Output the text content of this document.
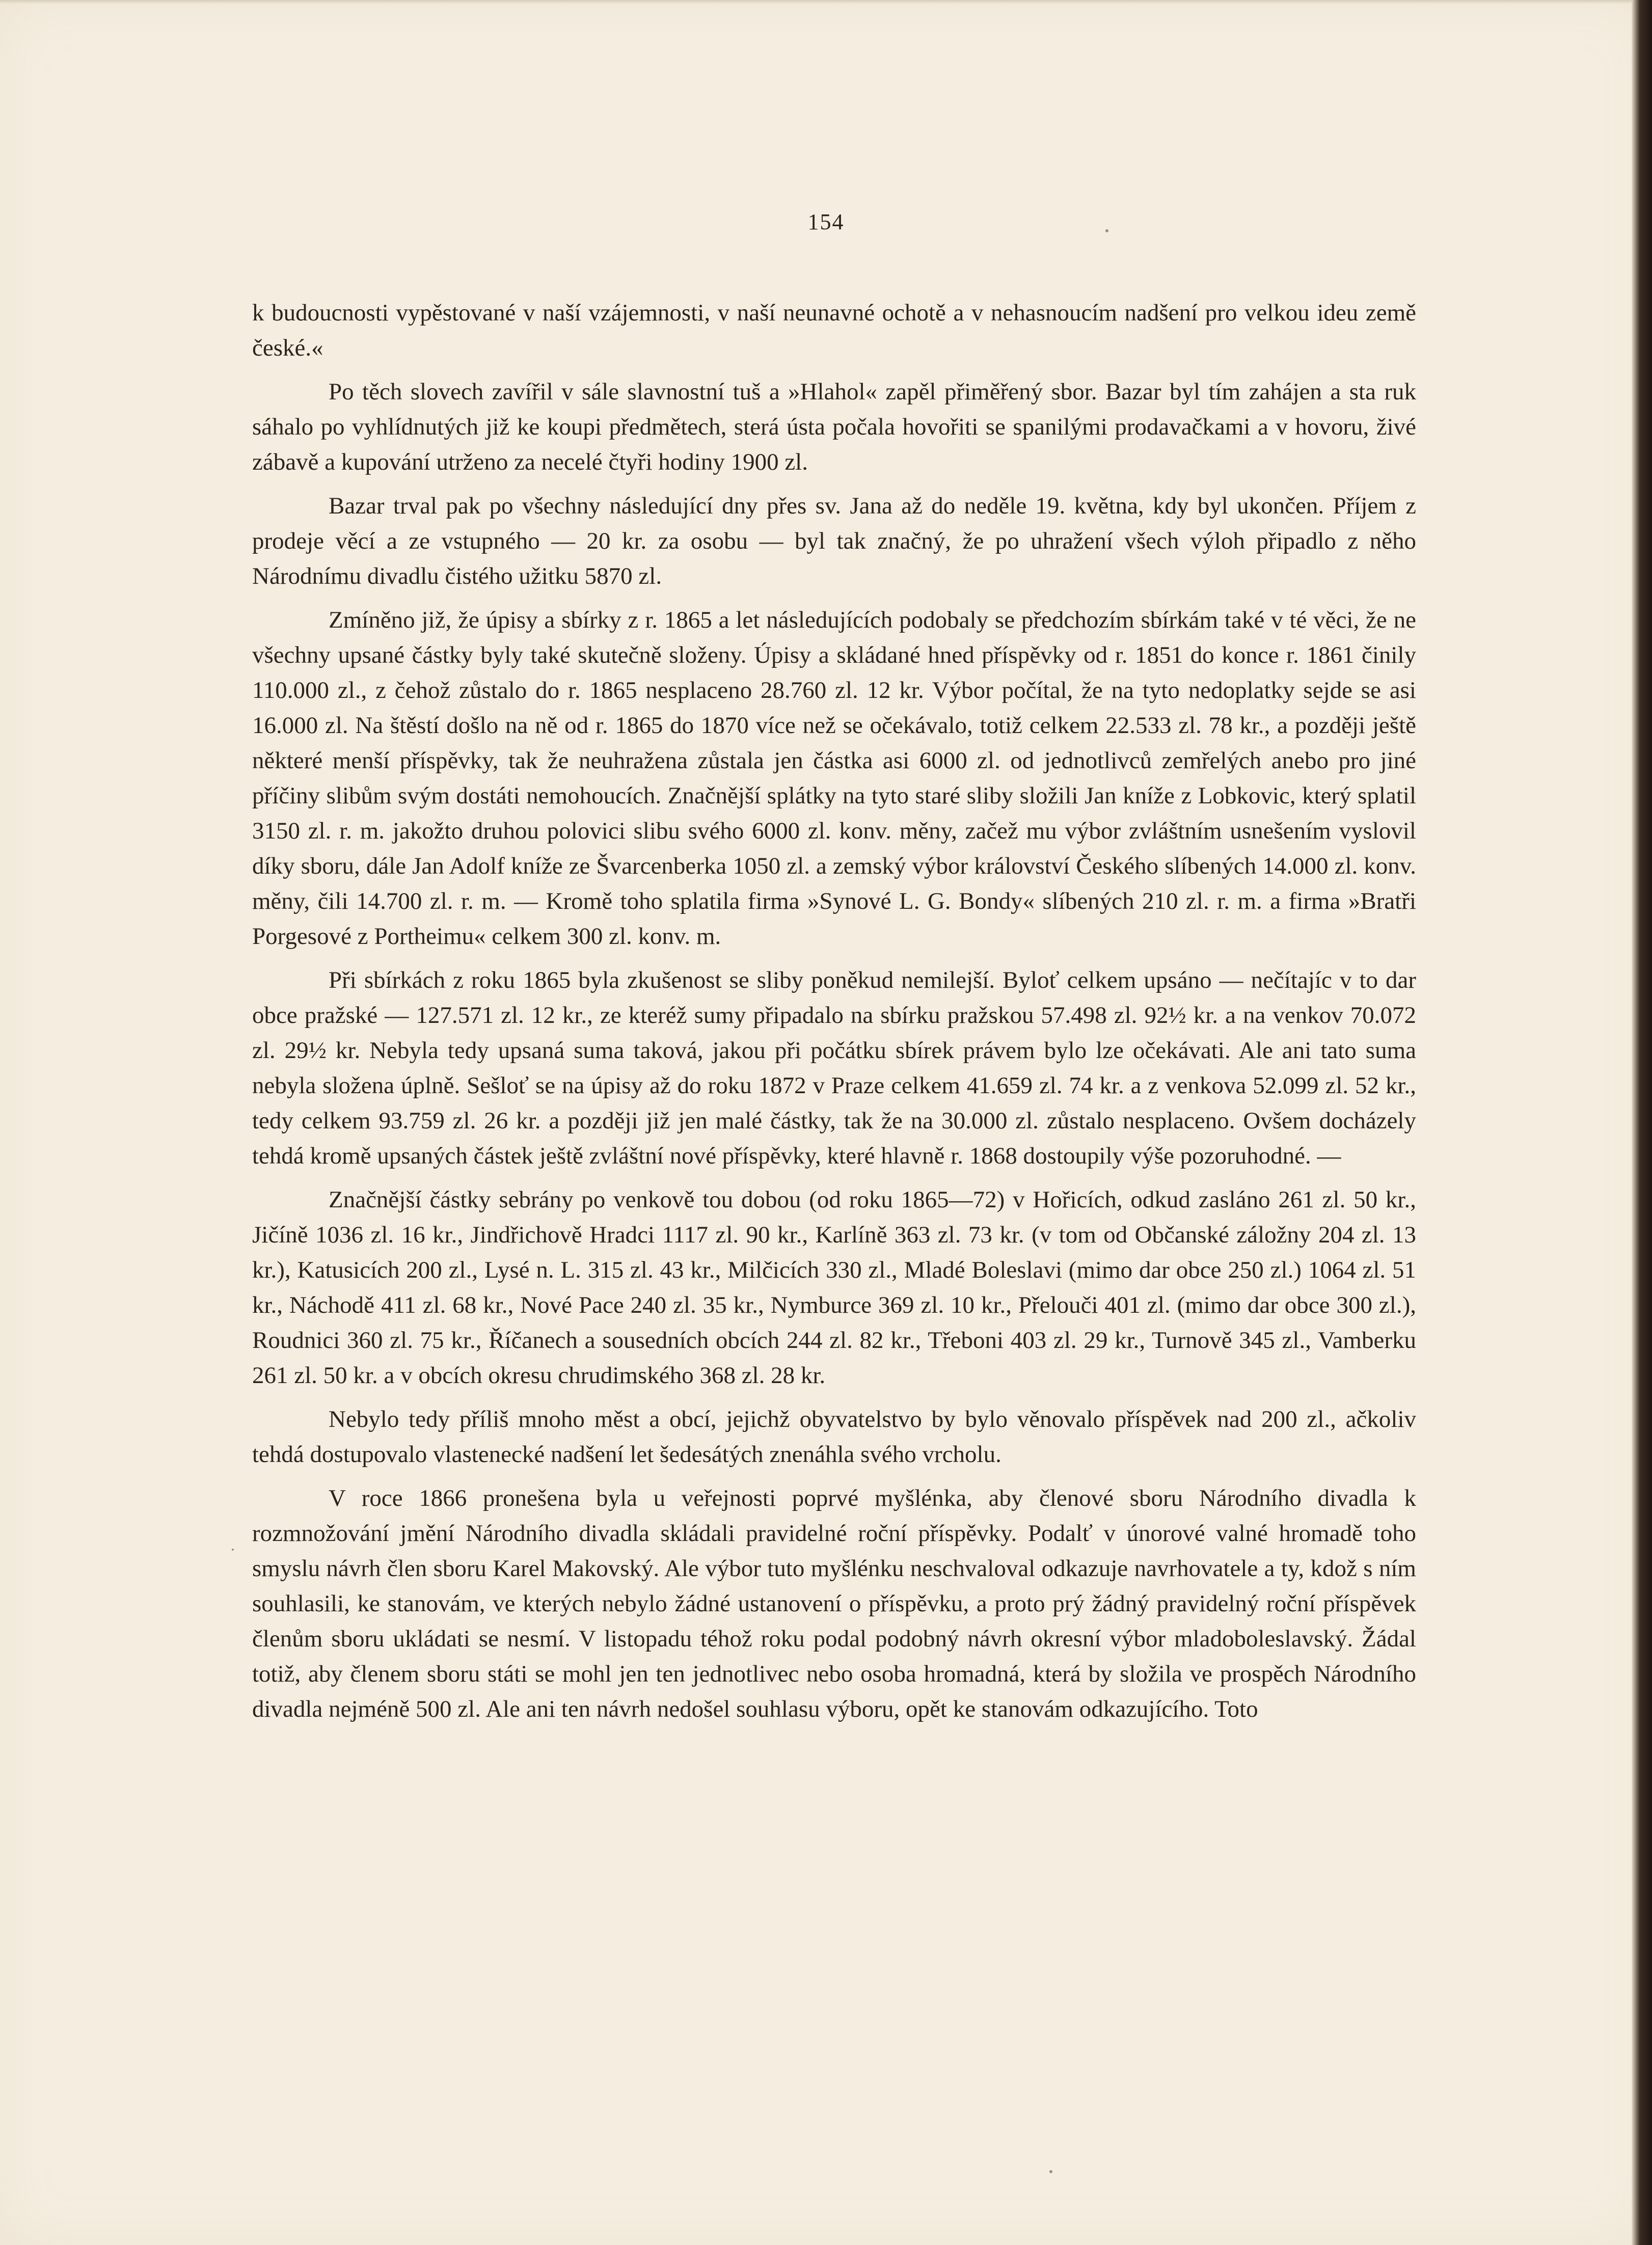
154

k budoucnosti vypěstované v naší vzájemnosti, v naší neunavné ochotě a v nehasnoucím nadšení pro velkou ideu země české.«

Po těch slovech zavířil v sále slavnostní tuš a »Hlahol« zapěl přiměřený sbor. Bazar byl tím zahájen a sta ruk sáhalo po vyhlídnutých již ke koupi předmětech, sterá ústa počala hovořiti se spanilými prodavačkami a v hovoru, živé zábavě a kupování utrženo za necelé čtyři hodiny 1900 zl.

Bazar trval pak po všechny následující dny přes sv. Jana až do neděle 19. května, kdy byl ukončen. Příjem z prodeje věcí a ze vstupného — 20 kr. za osobu — byl tak značný, že po uhražení všech výloh připadlo z něho Národnímu divadlu čistého užitku 5870 zl.

Zmíněno již, že úpisy a sbírky z r. 1865 a let následujících podobaly se předchozím sbírkám také v té věci, že ne všechny upsané částky byly také skutečně složeny. Úpisy a skládané hned příspěvky od r. 1851 do konce r. 1861 činily 110.000 zl., z čehož zůstalo do r. 1865 nesplaceno 28.760 zl. 12 kr. Výbor počítal, že na tyto nedoplatky sejde se asi 16.000 zl. Na štěstí došlo na ně od r. 1865 do 1870 více než se očekávalo, totiž celkem 22.533 zl. 78 kr., a později ještě některé menší příspěvky, tak že neuhražena zůstala jen částka asi 6000 zl. od jednotlivců zemřelých anebo pro jiné příčiny slibům svým dostáti nemohoucích. Značnější splátky na tyto staré sliby složili Jan kníže z Lobkovic, který splatil 3150 zl. r. m. jakožto druhou polovici slibu svého 6000 zl. konv. měny, začež mu výbor zvláštním usnešením vyslovil díky sboru, dále Jan Adolf kníže ze Švarcenberka 1050 zl. a zemský výbor království Českého slíbených 14.000 zl. konv. měny, čili 14.700 zl. r. m. — Kromě toho splatila firma »Synové L. G. Bondy« slíbených 210 zl. r. m. a firma »Bratři Porgesové z Portheimu« celkem 300 zl. konv. m.

Při sbírkách z roku 1865 byla zkušenost se sliby poněkud nemilejší. Byloť celkem upsáno — nečítajíc v to dar obce pražské — 127.571 zl. 12 kr., ze kteréž sumy připadalo na sbírku pražskou 57.498 zl. 92½ kr. a na venkov 70.072 zl. 29½ kr. Nebyla tedy upsaná suma taková, jakou při počátku sbírek právem bylo lze očekávati. Ale ani tato suma nebyla složena úplně. Sešloť se na úpisy až do roku 1872 v Praze celkem 41.659 zl. 74 kr. a z venkova 52.099 zl. 52 kr., tedy celkem 93.759 zl. 26 kr. a později již jen malé částky, tak že na 30.000 zl. zůstalo nesplaceno. Ovšem docházely tehdá kromě upsaných částek ještě zvláštní nové příspěvky, které hlavně r. 1868 dostoupily výše pozoruhodné. —

Značnější částky sebrány po venkově tou dobou (od roku 1865—72) v Hořicích, odkud zasláno 261 zl. 50 kr., Jičíně 1036 zl. 16 kr., Jindřichově Hradci 1117 zl. 90 kr., Karlíně 363 zl. 73 kr. (v tom od Občanské záložny 204 zl. 13 kr.), Katusicích 200 zl., Lysé n. L. 315 zl. 43 kr., Milčicích 330 zl., Mladé Boleslavi (mimo dar obce 250 zl.) 1064 zl. 51 kr., Náchodě 411 zl. 68 kr., Nové Pace 240 zl. 35 kr., Nymburce 369 zl. 10 kr., Přelouči 401 zl. (mimo dar obce 300 zl.), Roudnici 360 zl. 75 kr., Říčanech a sousedních obcích 244 zl. 82 kr., Třeboni 403 zl. 29 kr., Turnově 345 zl., Vamberku 261 zl. 50 kr. a v obcích okresu chrudimského 368 zl. 28 kr.

Nebylo tedy příliš mnoho měst a obcí, jejichž obyvatelstvo by bylo věnovalo příspěvek nad 200 zl., ačkoliv tehdá dostupovalo vlastenecké nadšení let šedesátých znenáhla svého vrcholu.

V roce 1866 pronešena byla u veřejnosti poprvé myšlénka, aby členové sboru Národního divadla k rozmnožování jmění Národního divadla skládali pravidelné roční příspěvky. Podalť v únorové valné hromadě toho smyslu návrh člen sboru Karel Makovský. Ale výbor tuto myšlénku neschvaloval odkazuje navrhovatele a ty, kdož s ním souhlasili, ke stanovám, ve kterých nebylo žádné ustanovení o příspěvku, a proto prý žádný pravidelný roční příspěvek členům sboru ukládati se nesmí. V listopadu téhož roku podal podobný návrh okresní výbor mladoboleslavský. Žádal totiž, aby členem sboru státi se mohl jen ten jednotlivec nebo osoba hromadná, která by složila ve prospěch Národního divadla nejméně 500 zl. Ale ani ten návrh nedošel souhlasu výboru, opět ke stanovám odkazujícího. Toto
